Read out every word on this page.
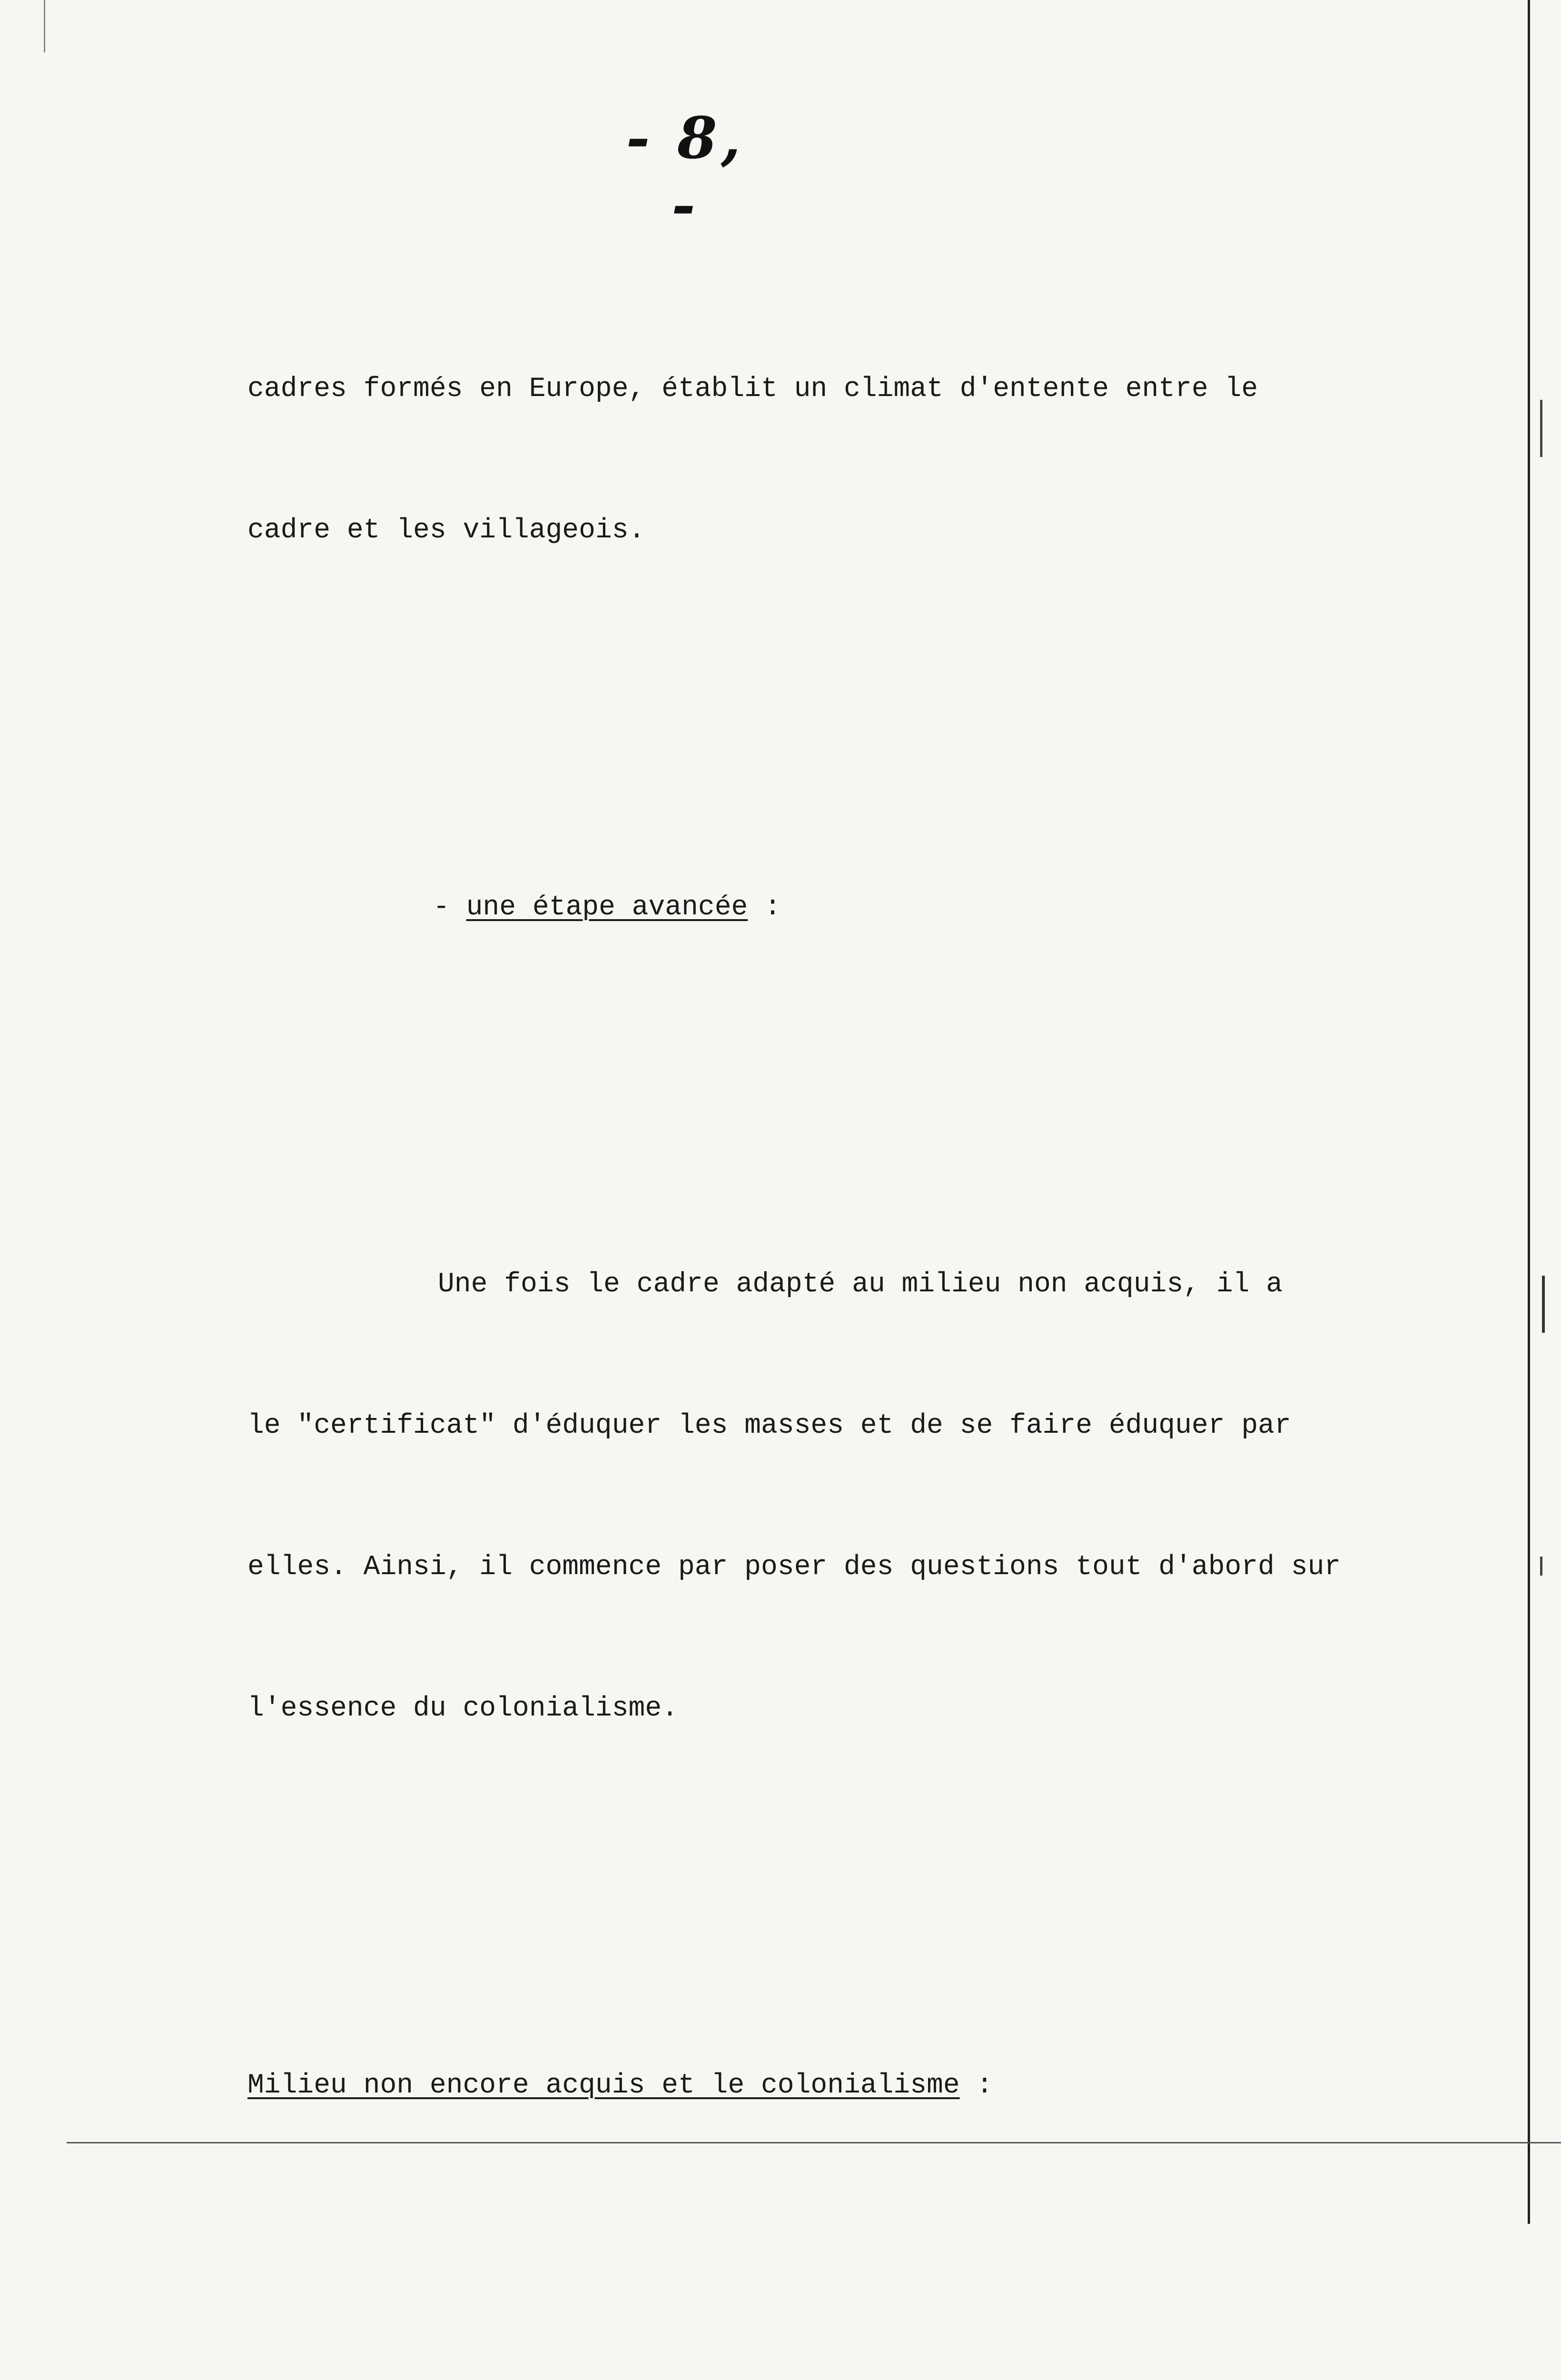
- 8, -

cadres formés en Europe, établit un climat d'entente entre le

cadre et les villageois.

- une étape avancée :

Une fois le cadre adapté au milieu non acquis, il a

le "certificat" d'éduquer les masses et de se faire éduquer par

elles. Ainsi, il commence par poser des questions tout d'abord sur

l'essence du colonialisme.

Milieu non encore acquis et le colonialisme :
